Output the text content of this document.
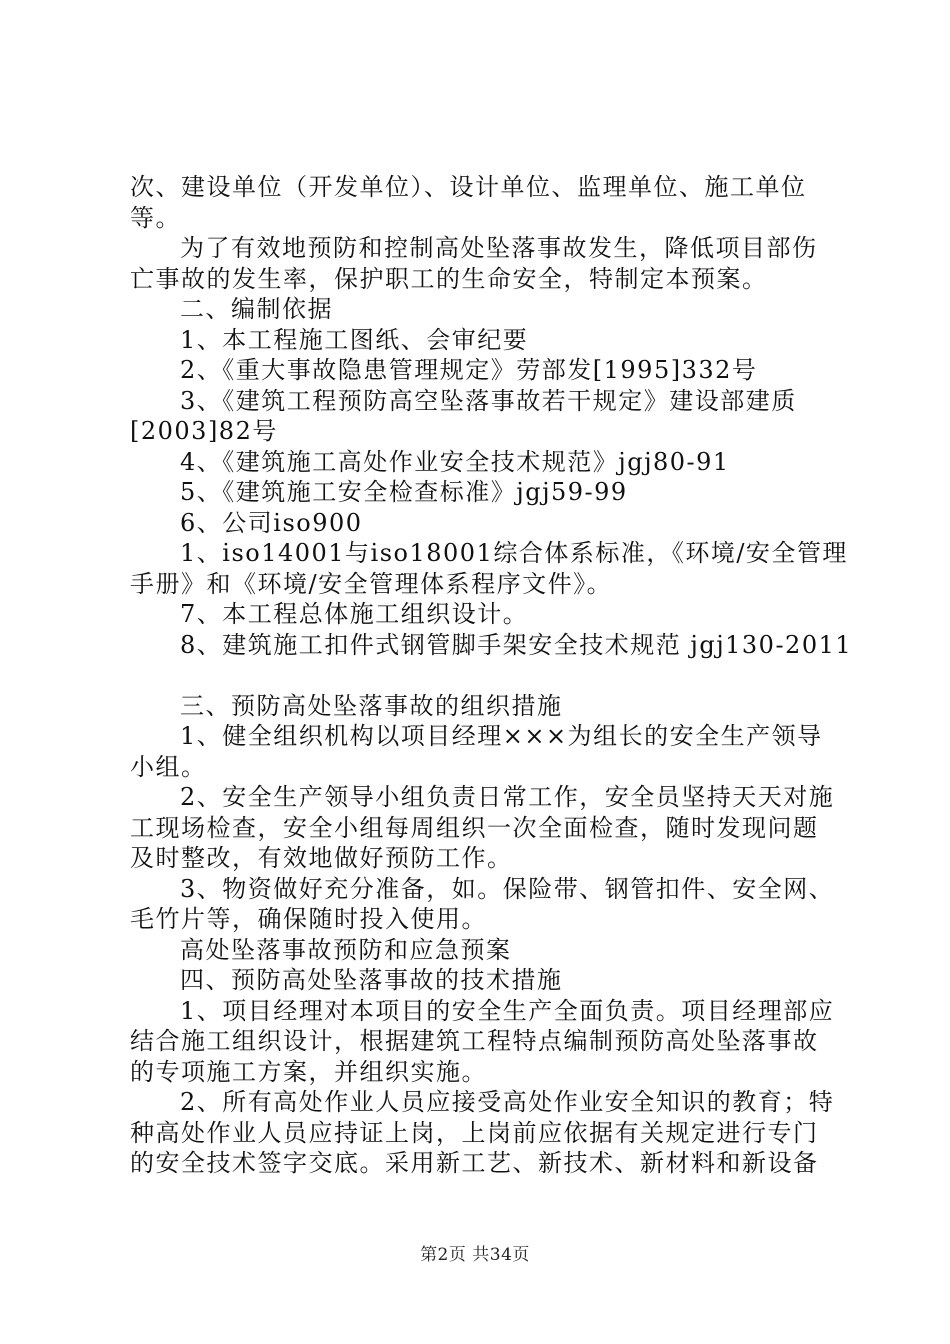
次、建设单位（开发单位）、设计单位、监理单位、施工单位
等。
为了有效地预防和控制高处坠落事故发生，降低项目部伤
亡事故的发生率，保护职工的生命安全，特制定本预案。
二、编制依据
1、本工程施工图纸、会审纪要
2、《重大事故隐患管理规定》劳部发[1995]332号
3、《建筑工程预防高空坠落事故若干规定》建设部建质
[2003]82号
4、《建筑施工高处作业安全技术规范》jgj80-91
5、《建筑施工安全检查标准》jgj59-99
6、公司iso900
1、iso14001与iso18001综合体系标准，《环境/安全管理
手册》和《环境/安全管理体系程序文件》。
7、本工程总体施工组织设计。
8、建筑施工扣件式钢管脚手架安全技术规范 jgj130-2011
三、预防高处坠落事故的组织措施
1、健全组织机构以项目经理×××为组长的安全生产领导
小组。
2、安全生产领导小组负责日常工作，安全员坚持天天对施
工现场检查，安全小组每周组织一次全面检查，随时发现问题
及时整改，有效地做好预防工作。
3、物资做好充分准备，如。保险带、钢管扣件、安全网、
毛竹片等，确保随时投入使用。
高处坠落事故预防和应急预案
四、预防高处坠落事故的技术措施
1、项目经理对本项目的安全生产全面负责。项目经理部应
结合施工组织设计，根据建筑工程特点编制预防高处坠落事故
的专项施工方案，并组织实施。
2、所有高处作业人员应接受高处作业安全知识的教育；特
种高处作业人员应持证上岗，上岗前应依据有关规定进行专门
的安全技术签字交底。采用新工艺、新技术、新材料和新设备
第2页 共34页
